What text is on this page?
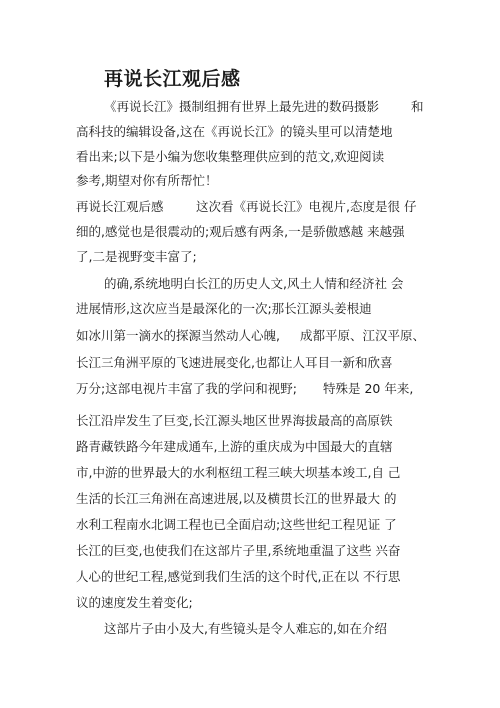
再说长江观后感
《再说长江》摄制组拥有世界上最先进的数码摄影	和
高科技的编辑设备,这在《再说长江》的镜头里可以清楚地
看出来;以下是小编为您收集整理供应到的范文,欢迎阅读
参考,期望对你有所帮忙！
再说长江观后感	这次看《再说长江》电视片,态度是很 仔
细的,感觉也是很震动的;观后感有两条,一是骄傲感越 来越强
了,二是视野变丰富了;
的确,系统地明白长江的历史人文,风土人情和经济社 会
进展情形,这次应当是最深化的一次;那长江源头姜根迪
如冰川第一滴水的探源当然动人心魄, 成都平原、江汉平原、
长江三角洲平原的飞速进展变化,也都让人耳目一新和欣喜
万分;这部电视片丰富了我的学问和视野; 特殊是 20 年来,
长江沿岸发生了巨变,长江源头地区世界海拔最高的高原铁
路青藏铁路今年建成通车,上游的重庆成为中国最大的直辖
市,中游的世界最大的水利枢纽工程三峡大坝基本竣工,自 己
生活的长江三角洲在高速进展,以及横贯长江的世界最大 的
水利工程南水北调工程也已全面启动;这些世纪工程见证 了
长江的巨变,也使我们在这部片子里,系统地重温了这些 兴奋
人心的世纪工程,感觉到我们生活的这个时代,正在以 不行思
议的速度发生着变化;
这部片子由小及大,有些镜头是令人难忘的,如在介绍
